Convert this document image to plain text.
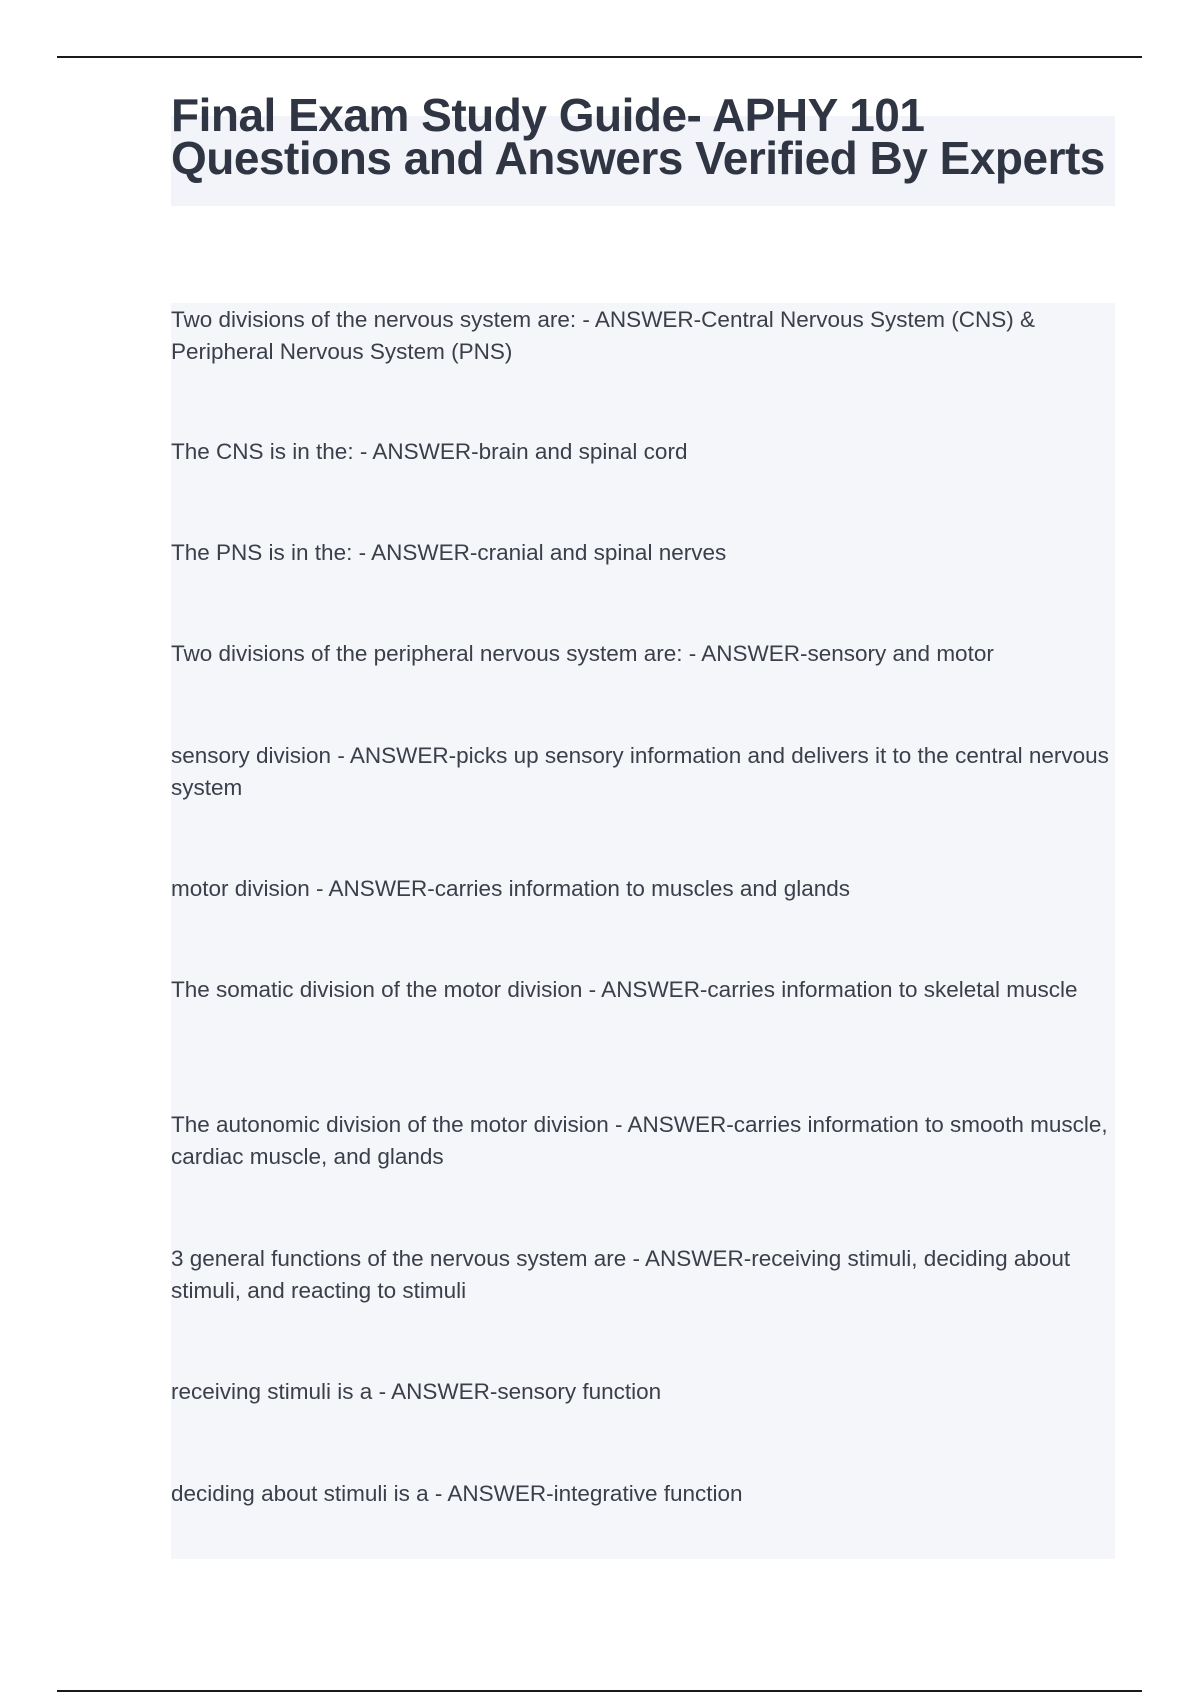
Final Exam Study Guide- APHY 101 Questions and Answers Verified By Experts

Two divisions of the nervous system are: - ANSWER-Central Nervous System (CNS) & Peripheral Nervous System (PNS)

The CNS is in the: - ANSWER-brain and spinal cord

The PNS is in the: - ANSWER-cranial and spinal nerves

Two divisions of the peripheral nervous system are: - ANSWER-sensory and motor

sensory division - ANSWER-picks up sensory information and delivers it to the central nervous system

motor division - ANSWER-carries information to muscles and glands

The somatic division of the motor division - ANSWER-carries information to skeletal muscle

The autonomic division of the motor division - ANSWER-carries information to smooth muscle, cardiac muscle, and glands

3 general functions of the nervous system are - ANSWER-receiving stimuli, deciding about stimuli, and reacting to stimuli

receiving stimuli is a - ANSWER-sensory function

deciding about stimuli is a - ANSWER-integrative function
